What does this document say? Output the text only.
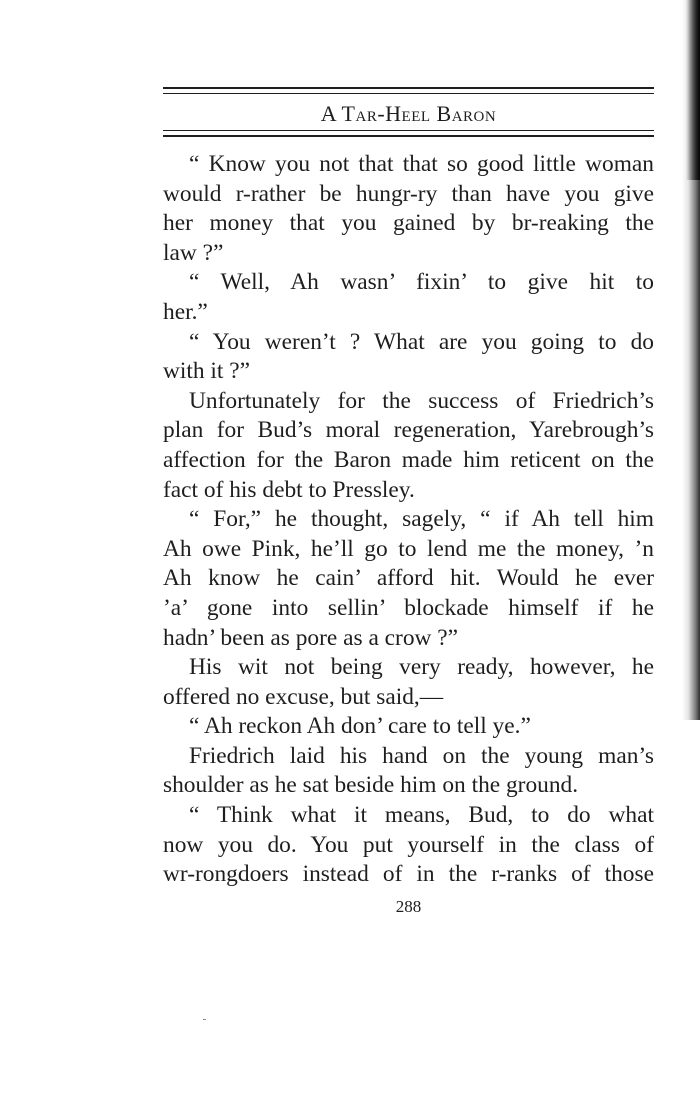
A Tar-Heel Baron
“ Know you not that that so good little woman
would r-rather be hungr-ry than have you give
her money that you gained by br-reaking the
law ?”
“ Well, Ah wasn’ fixin’ to give hit to
her.”
“ You weren’t ? What are you going to do
with it ?”
Unfortunately for the success of Friedrich’s
plan for Bud’s moral regeneration, Yarebrough’s
affection for the Baron made him reticent on the
fact of his debt to Pressley.
“ For,” he thought, sagely, “ if Ah tell him
Ah owe Pink, he’ll go to lend me the money, ’n
Ah know he cain’ afford hit. Would he ever
’a’ gone into sellin’ blockade himself if he
hadn’ been as pore as a crow ?”
His wit not being very ready, however, he
offered no excuse, but said,—
“ Ah reckon Ah don’ care to tell ye.”
Friedrich laid his hand on the young man’s
shoulder as he sat beside him on the ground.
“ Think what it means, Bud, to do what
now you do. You put yourself in the class of
wr-rongdoers instead of in the r-ranks of those
288
